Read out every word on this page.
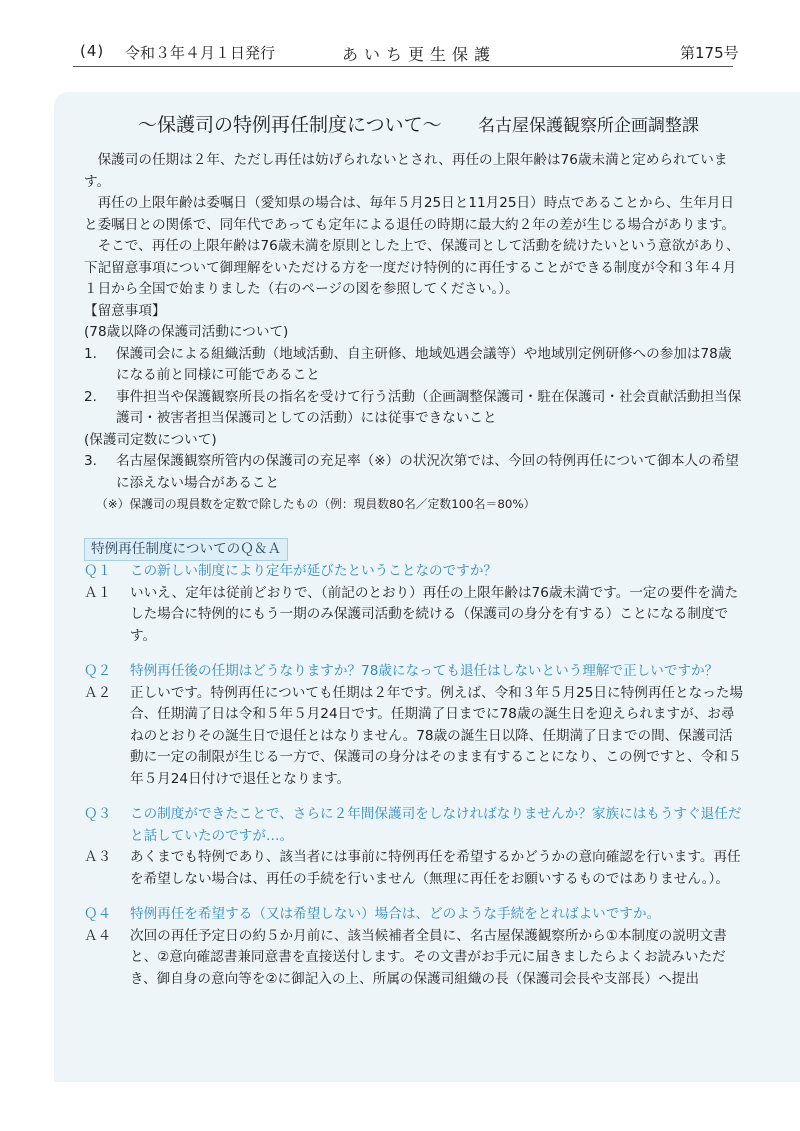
(4) 令和３年４月１日発行	あいち更生保護	第175号
～保護司の特例再任制度について～ 名古屋保護観察所企画調整課

保護司の任期は２年、ただし再任は妨げられないとされ、再任の上限年齢は76歳未満と定められています。

再任の上限年齢は委嘱日（愛知県の場合は、毎年５月25日と11月25日）時点であることから、生年月日と委嘱日との関係で、同年代であっても定年による退任の時期に最大約２年の差が生じる場合があります。

そこで、再任の上限年齢は76歳未満を原則とした上で、保護司として活動を続けたいという意欲があり、下記留意事項について御理解をいただける方を一度だけ特例的に再任することができる制度が令和３年４月１日から全国で始まりました（右のページの図を参照してください。）。

【留意事項】

(78歳以降の保護司活動について)

1.	保護司会による組織活動（地域活動、自主研修、地域処遇会議等）や地域別定例研修への参加は78歳になる前と同様に可能であること
2.	事件担当や保護観察所長の指名を受けて行う活動（企画調整保護司・駐在保護司・社会貢献活動担当保護司・被害者担当保護司としての活動）には従事できないこと

(保護司定数について)

3.	名古屋保護観察所管内の保護司の充足率（※）の状況次第では、今回の特例再任について御本人の希望に添えない場合があること

（※）保護司の現員数を定数で除したもの（例：現員数80名／定数100名＝80%）

特例再任制度についてのＱ＆Ａ
Ｑ１	この新しい制度により定年が延びたということなのですか？
Ａ１	いいえ、定年は従前どおりで、（前記のとおり）再任の上限年齢は76歳未満です。一定の要件を満たした場合に特例的にもう一期のみ保護司活動を続ける（保護司の身分を有する）ことになる制度です。
Ｑ２	特例再任後の任期はどうなりますか？78歳になっても退任はしないという理解で正しいですか？
Ａ２	正しいです。特例再任についても任期は２年です。例えば、令和３年５月25日に特例再任となった場合、任期満了日は令和５年５月24日です。任期満了日までに78歳の誕生日を迎えられますが、お尋ねのとおりその誕生日で退任とはなりません。78歳の誕生日以降、任期満了日までの間、保護司活動に一定の制限が生じる一方で、保護司の身分はそのまま有することになり、この例ですと、令和５年５月24日付けで退任となります。
Ｑ３	この制度ができたことで、さらに２年間保護司をしなければなりませんか？家族にはもうすぐ退任だと話していたのですが…。
Ａ３	あくまでも特例であり、該当者には事前に特例再任を希望するかどうかの意向確認を行います。再任を希望しない場合は、再任の手続を行いません（無理に再任をお願いするものではありません。）。
Ｑ４	特例再任を希望する（又は希望しない）場合は、どのような手続をとればよいですか。
Ａ４	次回の再任予定日の約５か月前に、該当候補者全員に、名古屋保護観察所から①本制度の説明文書と、②意向確認書兼同意書を直接送付します。その文書がお手元に届きましたらよくお読みいただき、御自身の意向等を②に御記入の上、所属の保護司組織の長（保護司会長や支部長）へ提出
